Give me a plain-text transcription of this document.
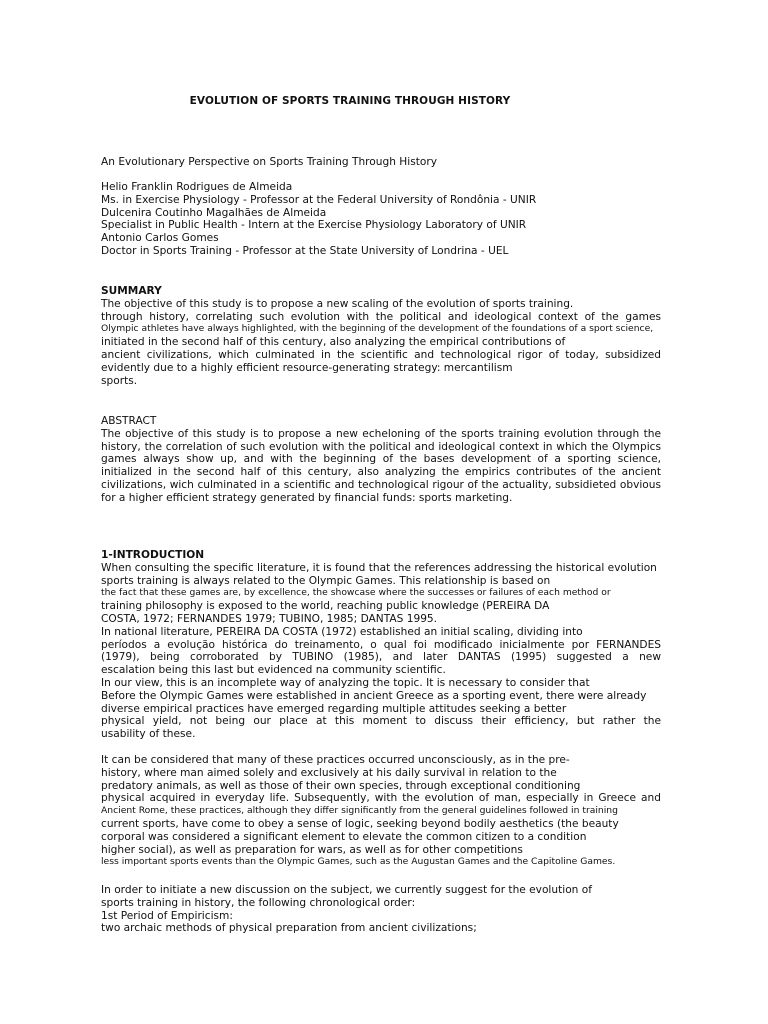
EVOLUTION OF SPORTS TRAINING THROUGH HISTORY
An Evolutionary Perspective on Sports Training Through History
Helio Franklin Rodrigues de Almeida
Ms. in Exercise Physiology - Professor at the Federal University of Rondônia - UNIR
Dulcenira Coutinho Magalhães de Almeida
Specialist in Public Health - Intern at the Exercise Physiology Laboratory of UNIR
Antonio Carlos Gomes
Doctor in Sports Training - Professor at the State University of Londrina - UEL
SUMMARY
The objective of this study is to propose a new scaling of the evolution of sports training.
through history, correlating such evolution with the political and ideological context of the games
Olympic athletes have always highlighted, with the beginning of the development of the foundations of a sport science,
initiated in the second half of this century, also analyzing the empirical contributions of
ancient civilizations, which culminated in the scientific and technological rigor of today, subsidized
evidently due to a highly efficient resource-generating strategy: mercantilism
sports.
ABSTRACT
The objective of this study is to propose a new echeloning of the sports training evolution through the
history, the correlation of such evolution with the political and ideological context in which the Olympics
games always show up, and with the beginning of the bases development of a sporting science,
initialized in the second half of this century, also analyzing the empirics contributes of the ancient
civilizations, wich culminated in a scientific and technological rigour of the actuality, subsidieted obvious
for a higher efficient strategy generated by financial funds: sports marketing.
1-INTRODUCTION
When consulting the specific literature, it is found that the references addressing the historical evolution
sports training is always related to the Olympic Games. This relationship is based on
the fact that these games are, by excellence, the showcase where the successes or failures of each method or
training philosophy is exposed to the world, reaching public knowledge (PEREIRA DA
COSTA, 1972; FERNANDES 1979; TUBINO, 1985; DANTAS 1995.
In national literature, PEREIRA DA COSTA (1972) established an initial scaling, dividing into
períodos a evolução histórica do treinamento, o qual foi modificado inicialmente por FERNANDES
(1979), being corroborated by TUBINO (1985), and later DANTAS (1995) suggested a new
escalation being this last but evidenced na community scientific.
In our view, this is an incomplete way of analyzing the topic. It is necessary to consider that
Before the Olympic Games were established in ancient Greece as a sporting event, there were already
diverse empirical practices have emerged regarding multiple attitudes seeking a better
physical yield, not being our place at this moment to discuss their efficiency, but rather the
usability of these.
It can be considered that many of these practices occurred unconsciously, as in the pre-
history, where man aimed solely and exclusively at his daily survival in relation to the
predatory animals, as well as those of their own species, through exceptional conditioning
physical acquired in everyday life. Subsequently, with the evolution of man, especially in Greece and
Ancient Rome, these practices, although they differ significantly from the general guidelines followed in training
current sports, have come to obey a sense of logic, seeking beyond bodily aesthetics (the beauty
corporal was considered a significant element to elevate the common citizen to a condition
higher social), as well as preparation for wars, as well as for other competitions
less important sports events than the Olympic Games, such as the Augustan Games and the Capitoline Games.
In order to initiate a new discussion on the subject, we currently suggest for the evolution of
sports training in history, the following chronological order:
1st Period of Empiricism:
two archaic methods of physical preparation from ancient civilizations;
